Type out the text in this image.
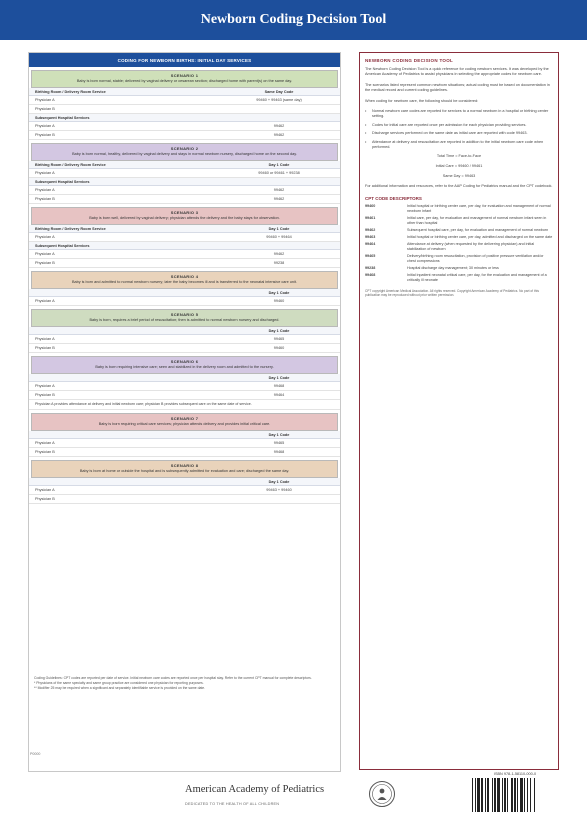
Newborn Coding Decision Tool
CODING FOR NEWBORN BIRTHS: INITIAL DAY SERVICES
SCENARIO 1
Baby is born normal, stable; delivered by vaginal delivery or cesarean section; discharged home with parent(s) on the same day.
Birthing Room / Delivery Room Service	Same Day Code
Physician A	99460 + 99463 (same day)
Physician B
Subsequent Hospital Services
Physician A	99462
Physician B	99462
SCENARIO 2
Baby is born normal, healthy, delivered by vaginal delivery and stays in normal newborn nursery, discharged home on the second day.
Birthing Room / Delivery Room Service	Day 1 Code
Physician A	99460 or 99461 + 99238
Subsequent Hospital Services
Physician A	99462
Physician B	99462
SCENARIO 3
Baby is born well, delivered by vaginal delivery; physician attends the delivery and the baby stays for observation.
Birthing Room / Delivery Room Service	Day 1 Code
Physician A	99460 + 99464
Subsequent Hospital Services
Physician A	99462
Physician B	99238
SCENARIO 4
Baby is born and admitted to normal newborn nursery; later the baby becomes ill and is transferred to the neonatal intensive care unit.
Day 1 Code
Physician A	99460
SCENARIO 5
Baby is born, requires a brief period of resuscitation; then is admitted to normal newborn nursery and discharged.
Day 1 Code
Physician A	99465
Physician B	99460
SCENARIO 6
Baby is born requiring intensive care; seen and stabilized in the delivery room and admitted to the nursery.
Day 1 Code
Physician A	99468
Physician B	99464
Physician A provides attendance at delivery and initial newborn care; physician B provides subsequent care on the same date of service.
SCENARIO 7
Baby is born requiring critical care services; physician attends delivery and provides initial critical care.
Day 1 Code
Physician A	99465
Physician B	99468
SCENARIO 8
Baby is born at home or outside the hospital and is subsequently admitted for evaluation and care; discharged the same day.
Day 1 Code
Physician A	99463 + 99460
Physician B
Coding Guidelines: CPT codes are reported per date of service. Initial newborn care codes are reported once per hospital stay. Refer to the current CPT manual for complete descriptors.
* Physicians of the same specialty and same group practice are considered one physician for reporting purposes.
** Modifier 25 may be required when a significant and separately identifiable service is provided on the same date.
P0000
NEWBORN CODING DECISION TOOL
The Newborn Coding Decision Tool is a quick reference for coding newborn services. It was developed by the American Academy of Pediatrics to assist physicians in selecting the appropriate codes for newborn care.
The scenarios listed represent common newborn situations; actual coding must be based on documentation in the medical record and current coding guidelines.
When coding for newborn care, the following should be considered:
•	Normal newborn care codes are reported for services to a normal newborn in a hospital or birthing center setting.
•	Codes for initial care are reported once per admission for each physician providing services.
•	Discharge services performed on the same date as initial care are reported with code 99463.
•	Attendance at delivery and resuscitation are reported in addition to the initial newborn care code when performed.
Total Time = Face-to-Face
Initial Care = 99460 / 99461
Same Day = 99463
For additional information and resources, refer to the AAP Coding for Pediatrics manual and the CPT codebook.
CPT CODE DESCRIPTORS
99460	Initial hospital or birthing center care, per day, for evaluation and management of normal newborn infant
99461	Initial care, per day, for evaluation and management of normal newborn infant seen in other than hospital
99462	Subsequent hospital care, per day, for evaluation and management of normal newborn
99463	Initial hospital or birthing center care, per day, admitted and discharged on the same date
99464	Attendance at delivery (when requested by the delivering physician) and initial stabilization of newborn
99465	Delivery/birthing room resuscitation, provision of positive pressure ventilation and/or chest compressions
99238	Hospital discharge day management; 30 minutes or less
99468	Initial inpatient neonatal critical care, per day, for the evaluation and management of a critically ill neonate
CPT copyright American Medical Association. All rights reserved. Copyright American Academy of Pediatrics. No part of this publication may be reproduced without prior written permission.
American Academy of Pediatrics
DEDICATED TO THE HEALTH OF ALL CHILDREN
ISBN 978-1-58110-000-0
